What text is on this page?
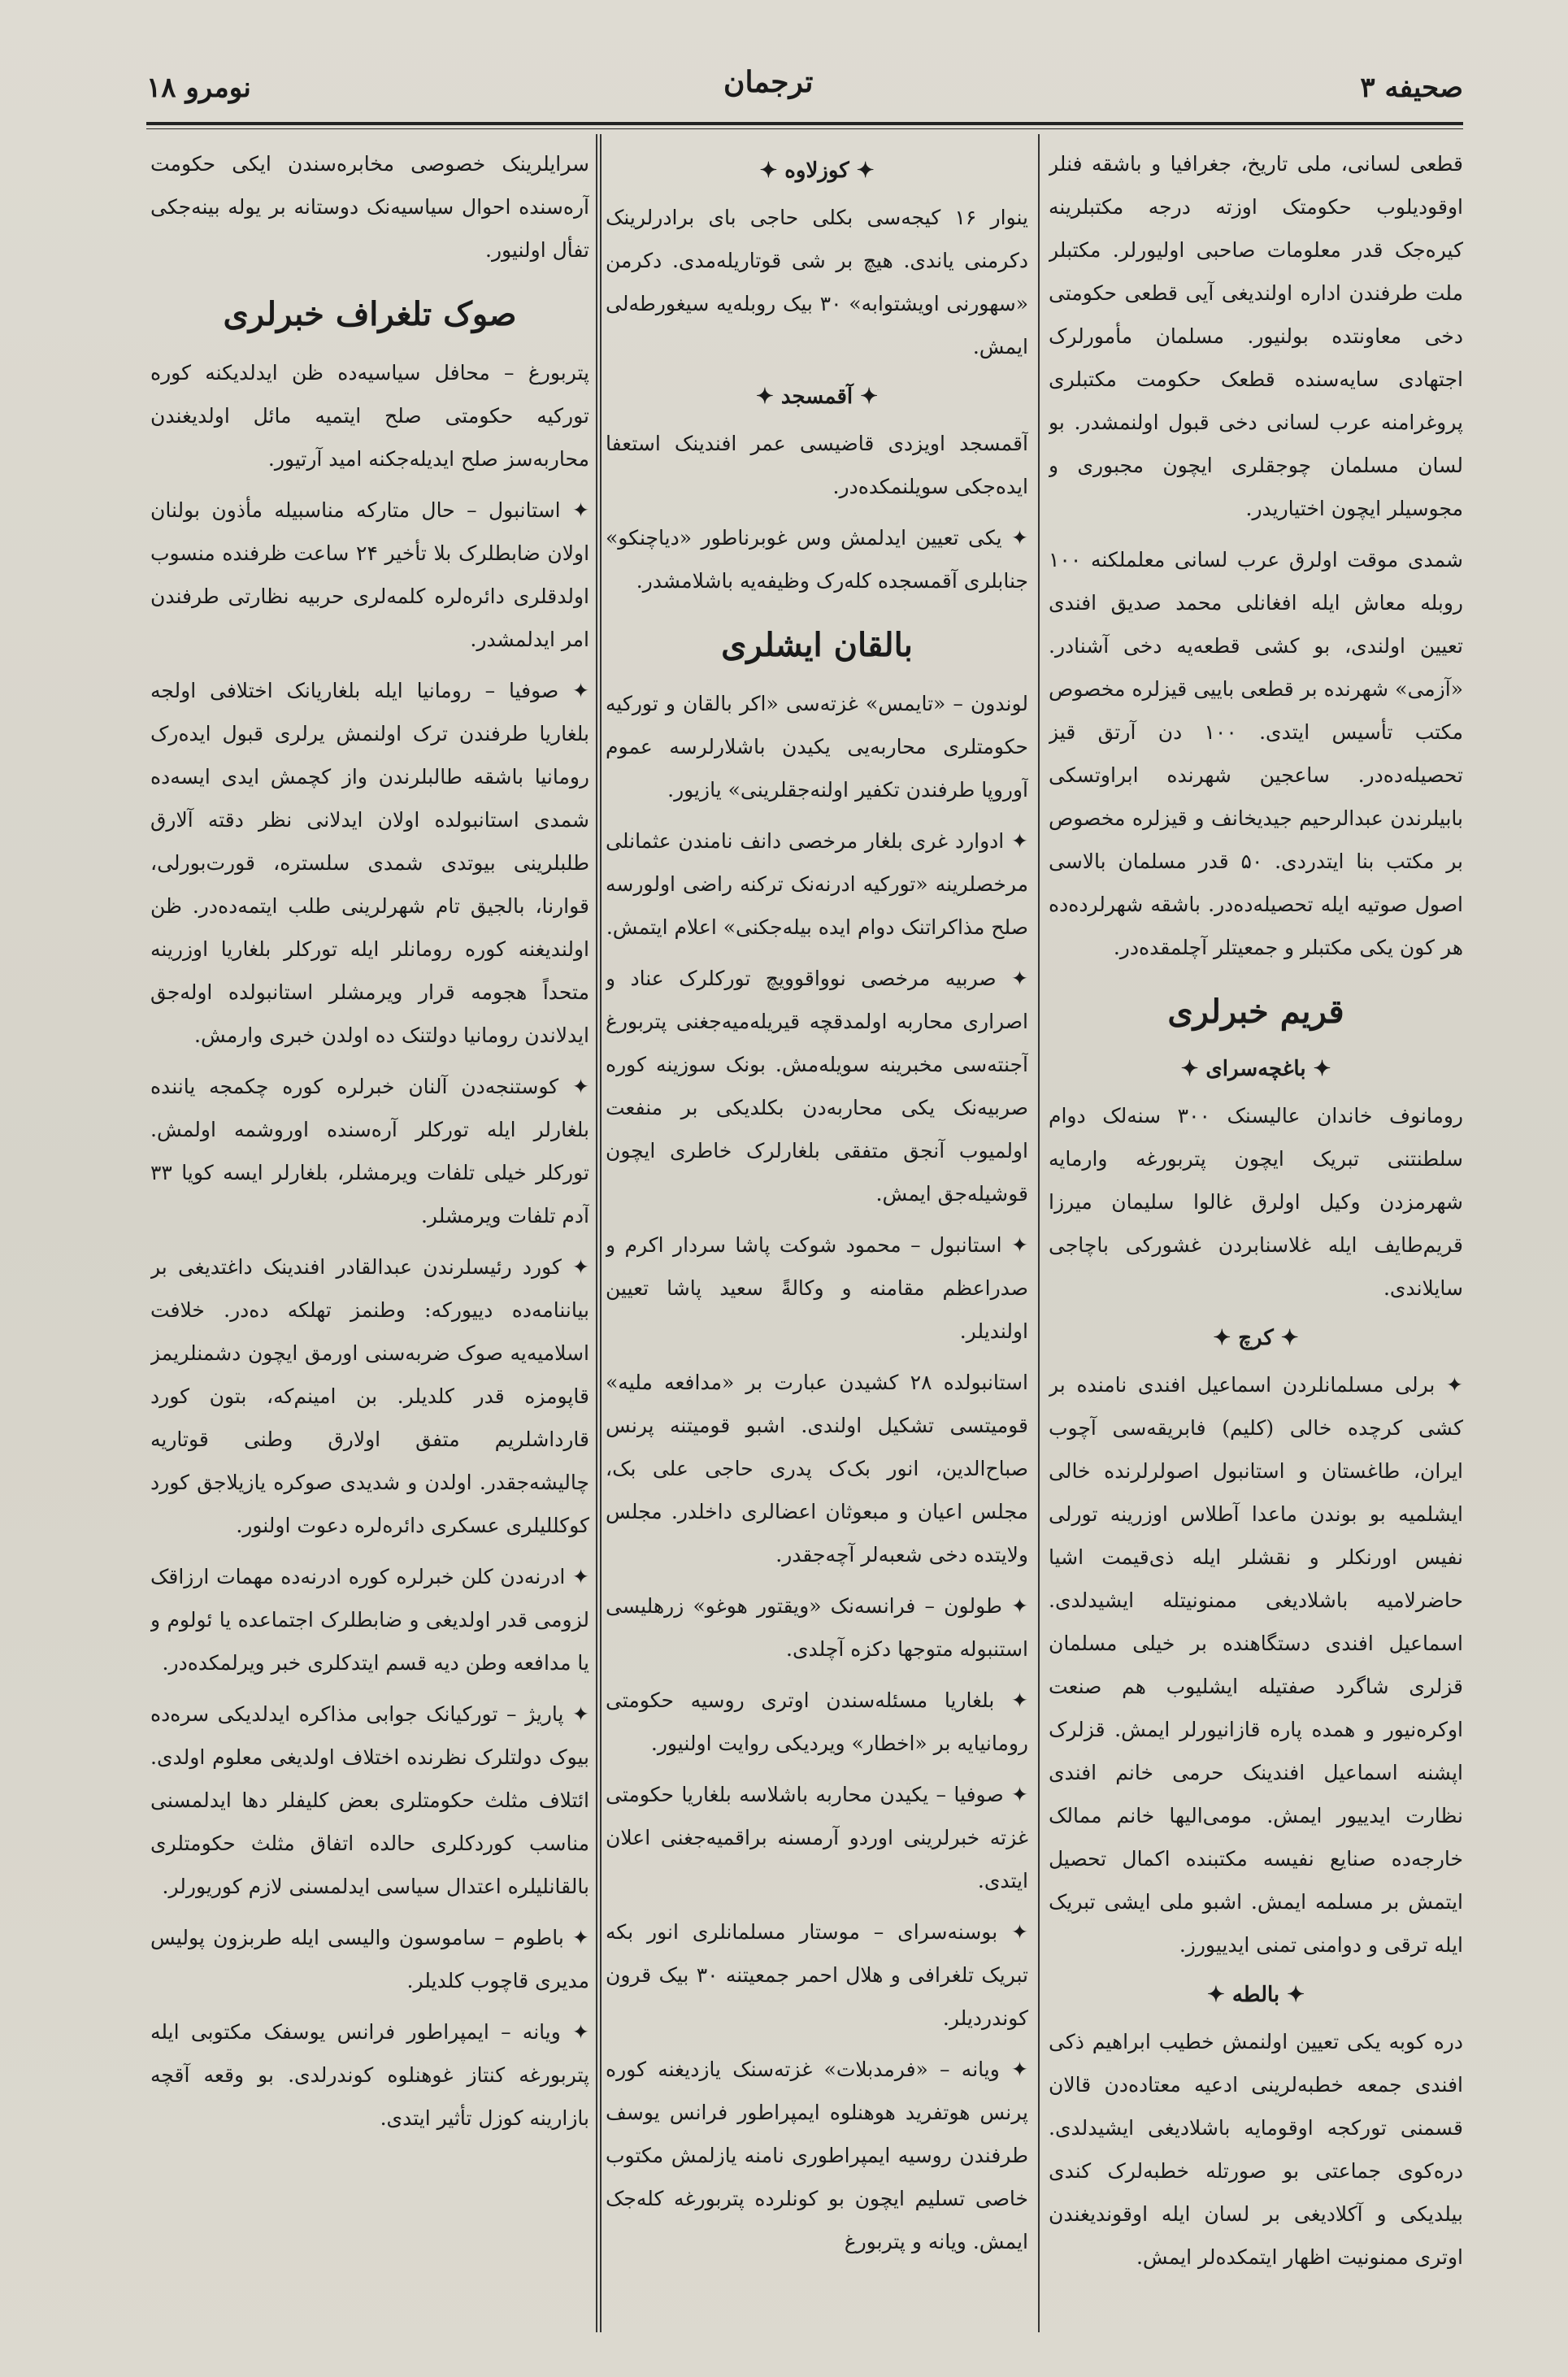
صحیفه ۳
ترجمان
نومرو ۱۸

قطعی لسانی، ملی تاریخ، جغرافیا و باشقه فنلر اوقودیلوب حکومتک اوزته درجه مکتبلرینه کیره‌جک قدر معلومات صاحبی اولیورلر. مکتبلر ملت طرفندن اداره اولندیغی آیی قطعی حکومتی دخی معاونتده بولنیور. مسلمان مأمورلرک اجتهادی سایه‌سنده قطعک حکومت مکتبلری پروغرامنه عرب لسانی دخی قبول اولنمشدر. بو لسان مسلمان چوجقلری ایچون مجبوری و مجوسیلر ایچون اختیاریدر.

شمدی موقت اولرق عرب لسانی معلملکنه ۱۰۰ روبله معاش ایله افغانلی محمد صدیق افندی تعیین اولندی، بو کشی قطعه‌یه دخی آشنادر. «آزمی» شهرنده بر قطعی باییی قیزلره مخصوص مکتب تأسیس ایتدی. ۱۰۰ دن آرتق قیز تحصیله‌ده‌در. ساعجین شهرنده ابراوتسکی بابیلرندن عبدالرحیم جیدیخانف و قیزلره مخصوص بر مکتب بنا ایتدردی. ۵۰ قدر مسلمان بالاسی اصول صوتیه ایله تحصیله‌ده‌در. باشقه شهرلرده‌ده هر کون یکی مکتبلر و جمعیتلر آچلمقده‌در.

قریم خبرلری
✦ باغچه‌سرای ✦

رومانوف خاندان عالیسنک ۳۰۰ سنه‌لک دوام سلطنتنی تبریک ایچون پتربورغه وارمایه شهرمزدن وکیل اولرق غالوا سلیمان میرزا قریم‌طایف ایله غلاسنابردن غشورکی باچاجی سایلاندی.

✦ کرچ ✦

✦ برلی مسلمانلردن اسماعیل افندی نامنده بر کشی کرچده خالی (کلیم) فابریقه‌سی آچوب ایران، طاغستان و استانبول اصولرلرنده خالی ایشلمیه بو بوندن ماعدا آطلاس اوزرینه تورلی نفیس اورنکلر و نقشلر ایله ذی‌قیمت اشیا حاضرلامیه باشلادیغی ممنونیتله ایشیدلدی. اسماعیل افندی دستگاهنده بر خیلی مسلمان قزلری شاگرد صفتیله ایشلیوب هم صنعت اوکره‌نیور و همده پاره قازانیورلر ایمش. قزلرک اپشنه اسماعیل افندینک حرمی خانم افندی نظارت ایدییور ایمش. مومی‌الیها خانم ممالک خارجه‌ده صنایع نفیسه مکتبنده اکمال تحصیل ایتمش بر مسلمه ایمش. اشبو ملی ایشی تبریک ایله ترقی و دوامنی تمنی ایدییورز.

✦ بالطه ✦

دره کوبه یکی تعیین اولنمش خطیب ابراهیم ذکی افندی جمعه خطبه‌لرینی ادعیه معتاده‌دن قالان قسمنی تورکجه اوقومایه باشلادیغی ایشیدلدی. دره‌کوی جماعتی بو صورتله خطبه‌لرک کندی بیلدیکی و آکلادیغی بر لسان ایله اوقوندیغندن اوتری ممنونیت اظهار ایتمکده‌لر ایمش.

✦ کوزلاوه ✦

ینوار ۱۶ کیجه‌سی بکلی حاجی بای برادرلرینک دکرمنی یاندی. هیچ بر شی قوتاریله‌مدی. دکرمن «سهورنی اویشتوابه» ۳۰ بیک روبله‌یه سیغورطه‌لی ایمش.

✦ آقمسجد ✦

آقمسجد اویزدی قاضیسی عمر افندینک استعفا ایده‌جکی سویلنمکده‌در.

✦ یکی تعیین ایدلمش وس غوبرناطور «دیاچنکو» جنابلری آقمسجده کله‌رک وظیفه‌یه باشلامشدر.

بالقان ایشلری

لوندون – «تایمس» غزته‌سی «اکر بالقان و تورکیه حکومتلری محاربه‌یی یکیدن باشلارلرسه عموم آوروپا طرفندن تکفیر اولنه‌جقلرینی» یازیور.

✦ ادوارد غری بلغار مرخصی دانف نامندن عثمانلی مرخصلرینه «تورکیه ادرنه‌نک ترکنه راضی اولورسه صلح مذاکراتنک دوام ایده بیله‌جکنی» اعلام ایتمش.

✦ صربیه مرخصی نوواقوویچ تورکلرک عناد و اصراری محاربه اولمدقچه قیریله‌میه‌جغنی پتربورغ آجنته‌سی مخبرینه سویله‌مش. بونک سوزینه کوره صربیه‌نک یکی محاربه‌دن بکلدیکی بر منفعت اولمیوب آنجق متفقی بلغارلرک خاطری ایچون قوشیله‌جق ایمش.

✦ استانبول – محمود شوکت پاشا سردار اکرم و صدراعظم مقامنه و وکالةً سعید پاشا تعیین اولندیلر.

استانبولده ۲۸ کشیدن عبارت بر «مدافعه ملیه» قومیتسی تشکیل اولندی. اشبو قومیتنه پرنس صباح‌الدین، انور بک‌ک پدری حاجی علی بک، مجلس اعیان و مبعوثان اعضالری داخلدر. مجلس ولایتده دخی شعبه‌لر آچه‌جقدر.

✦ طولون – فرانسه‌نک «ویقتور هوغو» زرهلیسی استنبوله متوجها دکزه آچلدی.

✦ بلغاریا مسئله‌سندن اوتری روسیه حکومتی رومانیایه بر «اخطار» ویردیکی روایت اولنیور.

✦ صوفیا – یکیدن محاربه باشلاسه بلغاریا حکومتی غزته خبرلرینی اوردو آرمسنه براقمیه‌جغنی اعلان ایتدی.

✦ بوسنه‌سرای – موستار مسلمانلری انور بکه تبریک تلغرافی و هلال احمر جمعیتنه ۳۰ بیک قرون کوندردیلر.

✦ ویانه – «فرمدبلات» غزته‌سنک یازدیغنه کوره پرنس هوتفرید هوهنلوه ایمپراطور فرانس یوسف طرفندن روسیه ایمپراطوری نامنه یازلمش مکتوب خاصی تسلیم ایچون بو کونلرده پتربورغه کله‌جک ایمش. ویانه و پتربورغ

سرایلرینک خصوصی مخابره‌سندن ایکی حکومت آره‌سنده احوال سیاسیه‌نک دوستانه بر یوله بینه‌جکی تفأل اولنیور.

صوک تلغراف خبرلری

پتربورغ – محافل سیاسیه‌ده ظن ایدلدیکنه کوره تورکیه حکومتی صلح ایتمیه مائل اولدیغندن محاربه‌سز صلح ایدیله‌جکنه امید آرتیور.

✦ استانبول – حال متارکه مناسبیله مأذون بولنان اولان ضابطلرک بلا تأخیر ۲۴ ساعت ظرفنده منسوب اولدقلری دائره‌لره کلمه‌لری حربیه نظارتی طرفندن امر ایدلمشدر.

✦ صوفیا – رومانیا ایله بلغاریانک اختلافی اولجه بلغاریا طرفندن ترک اولنمش یرلری قبول ایده‌رک رومانیا باشقه طالبلرندن واز کچمش ایدی ایسه‌ده شمدی استانبولده اولان ایدلانی نظر دقته آلارق طلبلرینی بیوتدی شمدی سلستره، قورت‌بورلی، قوارنا، بالجیق تام شهرلرینی طلب ایتمه‌ده‌در. ظن اولندیغنه کوره رومانلر ایله تورکلر بلغاریا اوزرینه متحداً هجومه قرار ویرمشلر استانبولده اوله‌جق ایدلاندن رومانیا دولتنک ده اولدن خبری وارمش.

✦ کوستنجه‌دن آلنان خبرلره کوره چکمجه یاننده بلغارلر ایله تورکلر آره‌سنده اوروشمه اولمش. تورکلر خیلی تلفات ویرمشلر، بلغارلر ایسه کویا ۳۳ آدم تلفات ویرمشلر.

✦ کورد رئیسلرندن عبدالقادر افندینک داغتدیغی بر بیاننامه‌ده دییورکه: وطنمز تهلکه ده‌در. خلافت اسلامیه‌یه صوک ضربه‌سنی اورمق ایچون دشمنلریمز قاپومزه قدر کلدیلر. بن امینم‌که، بتون کورد قارداشلریم متفق اولارق وطنی قوتاریه چالیشه‌جقدر. اولدن و شدیدی صوکره یازیلاجق کورد کوکللیلری عسکری دائره‌لره دعوت اولنور.

✦ ادرنه‌دن کلن خبرلره کوره ادرنه‌ده مهمات ارزاقک لزومی قدر اولدیغی و ضابطلرک اجتماعده یا ئولوم و یا مدافعه وطن دیه قسم ایتدکلری خبر ویرلمکده‌در.

✦ پاریژ – تورکیانک جوابی مذاکره ایدلدیکی سره‌ده بیوک دولتلرک نظرنده اختلاف اولدیغی معلوم اولدی. ائتلاف مثلث حکومتلری بعض کلیفلر دها ایدلمسنی مناسب کوردکلری حالده اتفاق مثلث حکومتلری بالقانلیلره اعتدال سیاسی ایدلمسنی لازم کوریورلر.

✦ باطوم – ساموسون والیسی ایله طربزون پولیس مدیری قاچوب کلدیلر.

✦ ویانه – ایمپراطور فرانس یوسفک مکتوبی ایله پتربورغه کنتاز غوهنلوه کوندرلدی. بو وقعه آقچه بازارینه کوزل تأثیر ایتدی.
